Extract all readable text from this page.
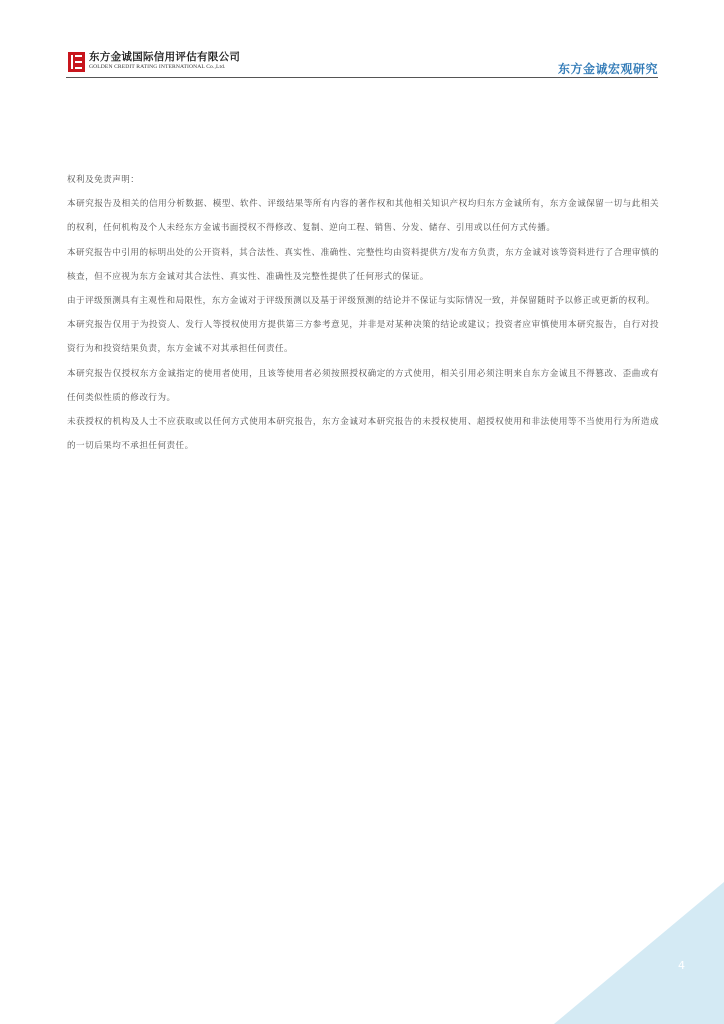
东方金诚国际信用评估有限公司
GOLDEN CREDIT RATING INTERNATIONAL Co.,Ltd.	东方金诚宏观研究

权利及免责声明：

本研究报告及相关的信用分析数据、模型、软件、评级结果等所有内容的著作权和其他相关知识产权均归东方金诚所有，东方金诚保留一切与此相关的权利，任何机构及个人未经东方金诚书面授权不得修改、复制、逆向工程、销售、分发、储存、引用或以任何方式传播。

本研究报告中引用的标明出处的公开资料，其合法性、真实性、准确性、完整性均由资料提供方/发布方负责，东方金诚对该等资料进行了合理审慎的核查，但不应视为东方金诚对其合法性、真实性、准确性及完整性提供了任何形式的保证。

由于评级预测具有主观性和局限性，东方金诚对于评级预测以及基于评级预测的结论并不保证与实际情况一致，并保留随时予以修正或更新的权利。

本研究报告仅用于为投资人、发行人等授权使用方提供第三方参考意见，并非是对某种决策的结论或建议；投资者应审慎使用本研究报告，自行对投资行为和投资结果负责，东方金诚不对其承担任何责任。

本研究报告仅授权东方金诚指定的使用者使用，且该等使用者必须按照授权确定的方式使用，相关引用必须注明来自东方金诚且不得篡改、歪曲或有任何类似性质的修改行为。

未获授权的机构及人士不应获取或以任何方式使用本研究报告，东方金诚对本研究报告的未授权使用、超授权使用和非法使用等不当使用行为所造成的一切后果均不承担任何责任。

4
